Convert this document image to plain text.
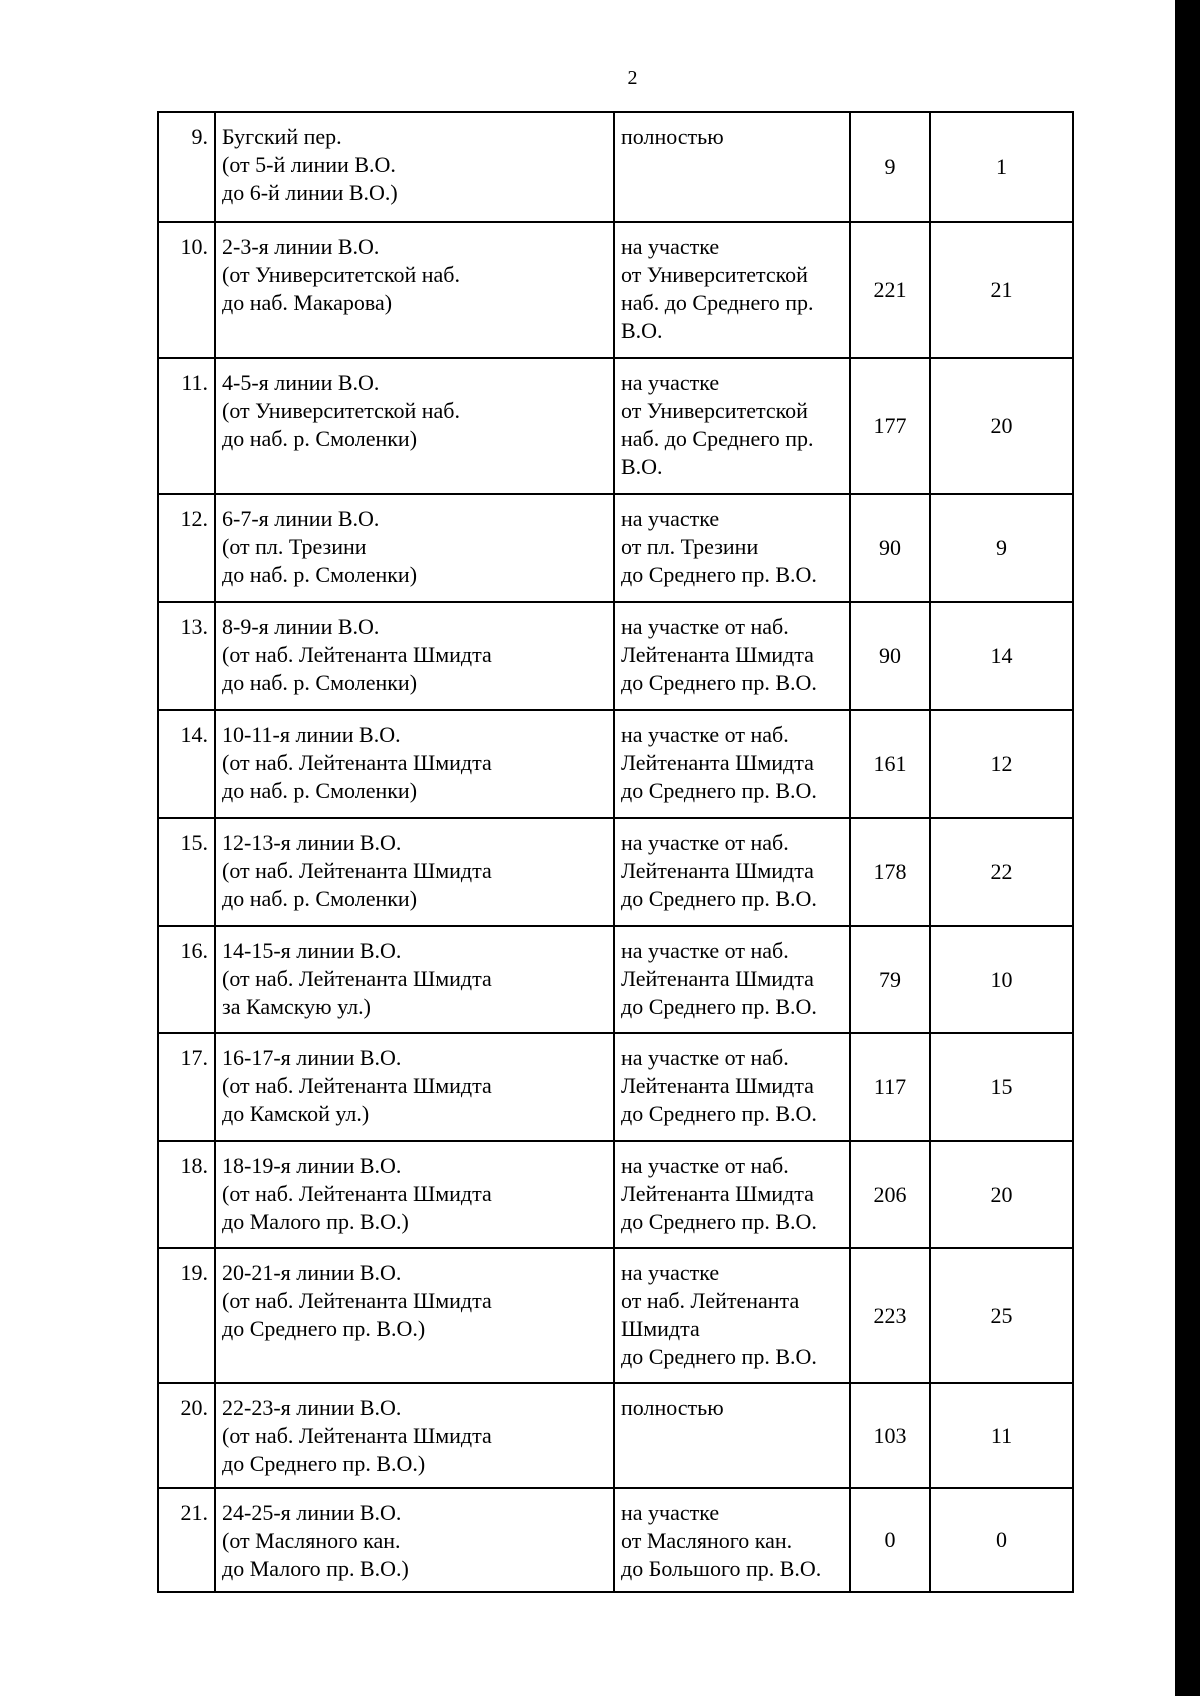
2
9.	Бугский пер.
(от 5-й линии В.О.
до 6-й линии В.О.)	полностью	9	1
10.	2-3-я линии В.О.
(от Университетской наб.
до наб. Макарова)	на участке
от Университетской
наб. до Среднего пр.
В.О.	221	21
11.	4-5-я линии В.О.
(от Университетской наб.
до наб. р. Смоленки)	на участке
от Университетской
наб. до Среднего пр.
В.О.	177	20
12.	6-7-я линии В.О.
(от пл. Трезини
до наб. р. Смоленки)	на участке
от пл. Трезини
до Среднего пр. В.О.	90	9
13.	8-9-я линии В.О.
(от наб. Лейтенанта Шмидта
до наб. р. Смоленки)	на участке от наб.
Лейтенанта Шмидта
до Среднего пр. В.О.	90	14
14.	10-11-я линии В.О.
(от наб. Лейтенанта Шмидта
до наб. р. Смоленки)	на участке от наб.
Лейтенанта Шмидта
до Среднего пр. В.О.	161	12
15.	12-13-я линии В.О.
(от наб. Лейтенанта Шмидта
до наб. р. Смоленки)	на участке от наб.
Лейтенанта Шмидта
до Среднего пр. В.О.	178	22
16.	14-15-я линии В.О.
(от наб. Лейтенанта Шмидта
за Камскую ул.)	на участке от наб.
Лейтенанта Шмидта
до Среднего пр. В.О.	79	10
17.	16-17-я линии В.О.
(от наб. Лейтенанта Шмидта
до Камской ул.)	на участке от наб.
Лейтенанта Шмидта
до Среднего пр. В.О.	117	15
18.	18-19-я линии В.О.
(от наб. Лейтенанта Шмидта
до Малого пр. В.О.)	на участке от наб.
Лейтенанта Шмидта
до Среднего пр. В.О.	206	20
19.	20-21-я линии В.О.
(от наб. Лейтенанта Шмидта
до Среднего пр. В.О.)	на участке
от наб. Лейтенанта
Шмидта
до Среднего пр. В.О.	223	25
20.	22-23-я линии В.О.
(от наб. Лейтенанта Шмидта
до Среднего пр. В.О.)	полностью	103	11
21.	24-25-я линии В.О.
(от Масляного кан.
до Малого пр. В.О.)	на участке
от Масляного кан.
до Большого пр. В.О.	0	0
